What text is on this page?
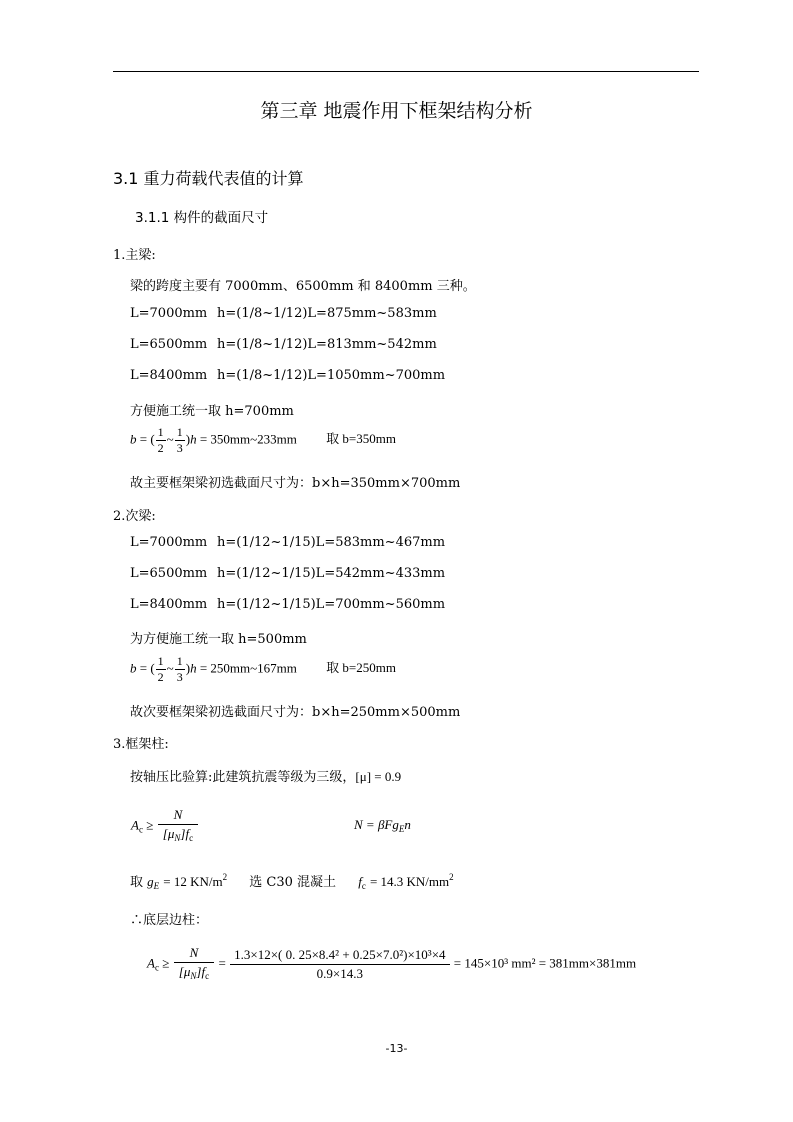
第三章 地震作用下框架结构分析
3.1 重力荷载代表值的计算
3.1.1 构件的截面尺寸
1.主梁:
梁的跨度主要有 7000mm、6500mm 和 8400mm 三种。
L=7000mm h=(1/8~1/12)L=875mm~583mm
L=6500mm h=(1/8~1/12)L=813mm~542mm
L=8400mm h=(1/8~1/12)L=1050mm~700mm
方便施工统一取 h=700mm
b = ( $\frac{1}{2}$ ~ $\frac{1}{3} )h$ = 350mm~233mm 取 b=350mm
故主要框架梁初选截面尺寸为：b×h=350mm×700mm
2.次梁:
L=7000mm h=(1/12~1/15)L=583mm~467mm
L=6500mm h=(1/12~1/15)L=542mm~433mm
L=8400mm h=(1/12~1/15)L=700mm~560mm
为方便施工统一取 h=500mm
b = ( $\frac{1}{2}$ ~ $\frac{1}{3} )h$ = 250mm~167mm 取 b=250mm
故次要框架梁初选截面尺寸为：b×h=250mm×500mm
3.框架柱:
按轴压比验算:此建筑抗震等级为三级，[μ] = 0.9
$A_c \ge \frac{N}{[\mu_N]f_c}$	N = βFg$_E$n
取 $g_E = 12$ $KN/m^2$ 选 C30 混凝土 $f_c = 14.3$ $KN/mm^2$
∴底层边柱：
$A_c \ge \frac{N}{[\mu_N]f_c} = \frac{\text{1.3×12×( 0. 25×8.4² + 0.25×7.0²)×10³×4}}{0.9\times 14.3} = 145\times 10^3$ mm² = 381mm×381mm
-13-
